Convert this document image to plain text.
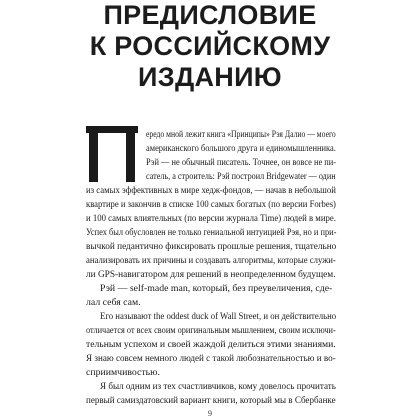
ПРЕДИСЛОВИЕ
К РОССИЙСКОМУ
ИЗДАНИЮ
ередо мной лежит книга «Принципы» Рэя Далио — моего
американского большого друга и единомышленника.
Рэй — не обычный писатель. Точнее, он вовсе не пи-
сатель, а строитель: Рэй построил Bridgewater — один
из самых эффективных в мире хедж-фондов, — начав в небольшой
квартире и закончив в списке 100 самых богатых (по версии Forbes)
и 100 самых влиятельных (по версии журнала Time) людей в мире.
Успех был обусловлен не только гениальной интуицией Рэя, но и при-
вычкой педантично фиксировать прошлые решения, тщательно
анализировать их причины и создавать алгоритмы, которые служи-
ли GPS-навигатором для решений в неопределенном будущем.
Рэй — self-made man, который, без преувеличения, сде-
лал себя сам.
Его называют the oddest duck of Wall Street, и он действительно
отличается от всех своим оригинальным мышлением, своим исключи-
тельным успехом и своей жаждой делиться этими знаниями.
Я знаю совсем немного людей с такой любознательностью и во-
сприимчивостью.
Я был одним из тех счастливчиков, кому довелось прочитать
первый самиздатовский вариант книги, который мы в Сбербанке
9
